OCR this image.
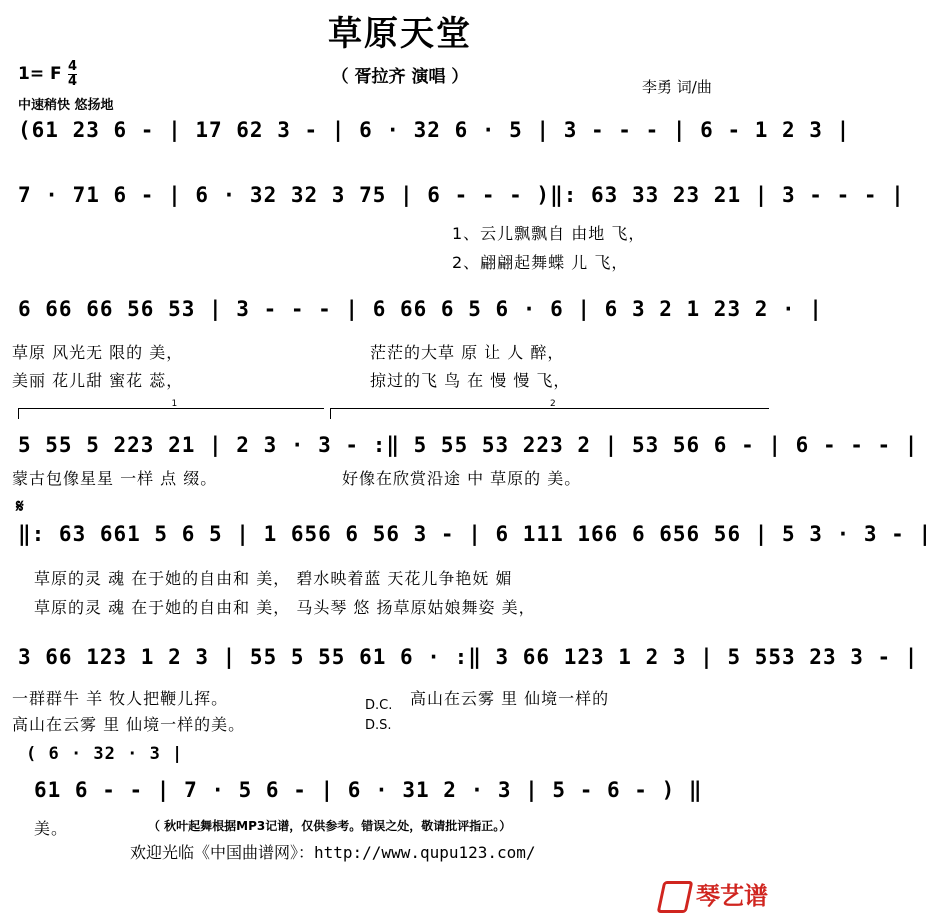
草原天堂
（ 胥拉齐 演唱 ）
1= F 4
4
中速稍快 悠扬地
李勇 词/曲
(61 23 6 - | 17 62 3 - | 6 · 32 6 · 5 | 3 - - - | 6 - 1 2 3 |
7 · 71 6 - | 6 · 32 32 3 75 | 6 - - - )‖: 63 33 23 21 | 3 - - - |
1、云儿飘飘自 由地 飞，
2、翩翩起舞蝶 儿 飞，
6 66 66 56 53 | 3 - - - | 6 66 6 5 6 · 6 | 6 3 2 1 23 2 · |
草原 风光无 限的 美，	茫茫的大草 原 让 人 醉，
美丽 花儿甜 蜜花 蕊，	掠过的飞 鸟 在 慢 慢 飞，
1	2
5 55 5 223 21 | 2 3 · 3 - :‖ 5 55 53 223 2 | 53 56 6 - | 6 - - - |
蒙古包像星星 一样 点 缀。	好像在欣赏沿途 中 草原的 美。
𝄋
‖: 63 661 5 6 5 | 1 656 6 56 3 - | 6 111 166 6 656 56 | 5 3 · 3 - |
草原的灵 魂 在于她的自由和 美， 碧水映着蓝 天花儿争艳妩 媚
草原的灵 魂 在于她的自由和 美， 马头琴 悠 扬草原姑娘舞姿 美，
3 66 123 1 2 3 | 55 5 55 61 6 · :‖ 3 66 123 1 2 3 | 5 553 23 3 - |
一群群牛 羊 牧人把鞭儿挥。	高山在云雾 里 仙境一样的
高山在云雾 里 仙境一样的美。
D.C.
D.S.
( 6 · 32 · 3 |
61 6 - - | 7 · 5 6 - | 6 · 31 2 · 3 | 5 - 6 - ) ‖
美。	（ 秋叶起舞根据MP3记谱，仅供参考。错误之处，敬请批评指正。）
欢迎光临《中国曲谱网》：http://www.qupu123.com/
琴艺谱
